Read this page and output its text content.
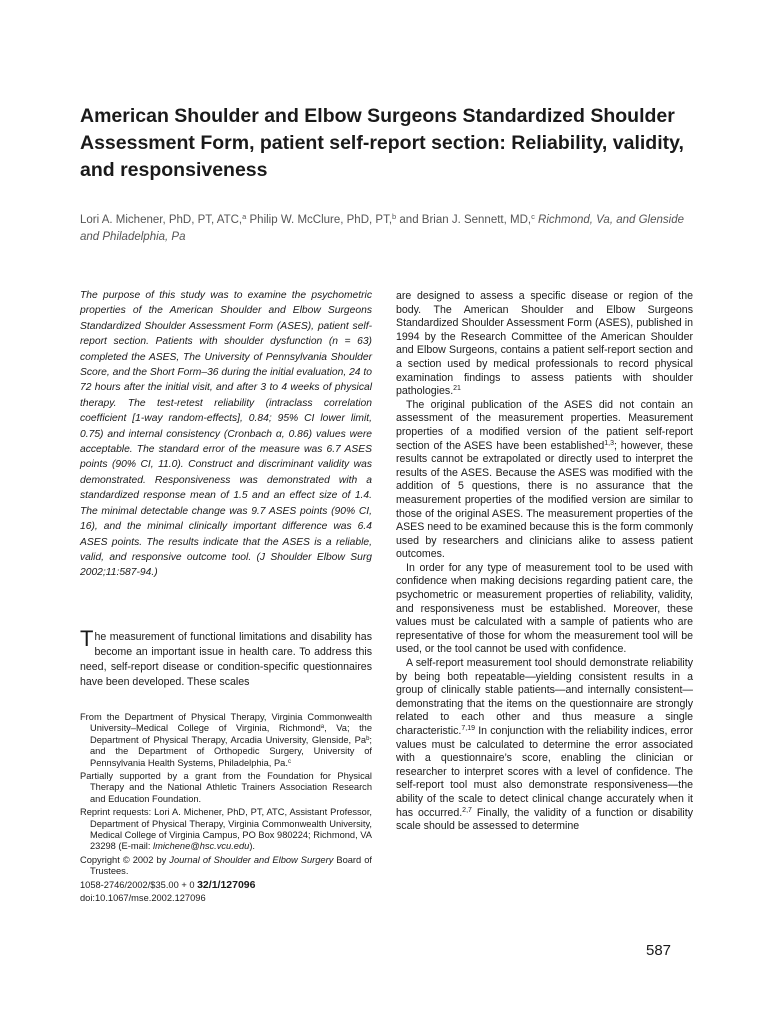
American Shoulder and Elbow Surgeons Standardized Shoulder Assessment Form, patient self-report section: Reliability, validity, and responsiveness

Lori A. Michener, PhD, PT, ATC,$^a$ Philip W. McClure, PhD, PT,$^b$ and Brian J. Sennett, MD,$^c$ Richmond, Va, and Glenside and Philadelphia, Pa

The purpose of this study was to examine the psychometric properties of the American Shoulder and Elbow Surgeons Standardized Shoulder Assessment Form (ASES), patient self-report section. Patients with shoulder dysfunction (n = 63) completed the ASES, The University of Pennsylvania Shoulder Score, and the Short Form–36 during the initial evaluation, 24 to 72 hours after the initial visit, and after 3 to 4 weeks of physical therapy. The test-retest reliability (intraclass correlation coefficient [1-way random-effects], 0.84; 95% CI lower limit, 0.75) and internal consistency (Cronbach α, 0.86) values were acceptable. The standard error of the measure was 6.7 ASES points (90% CI, 11.0). Construct and discriminant validity was demonstrated. Responsiveness was demonstrated with a standardized response mean of 1.5 and an effect size of 1.4. The minimal detectable change was 9.7 ASES points (90% CI, 16), and the minimal clinically important difference was 6.4 ASES points. The results indicate that the ASES is a reliable, valid, and responsive outcome tool. (J Shoulder Elbow Surg 2002;11:587-94.)

The measurement of functional limitations and disability has become an important issue in health care. To address this need, self-report disease or condition-specific questionnaires have been developed. These scales

From the Department of Physical Therapy, Virginia Commonwealth University–Medical College of Virginia, Richmond$^a$, Va; the Department of Physical Therapy, Arcadia University, Glenside, Pa$^b$; and the Department of Orthopedic Surgery, University of Pennsylvania Health Systems, Philadelphia, Pa.$^c$

Partially supported by a grant from the Foundation for Physical Therapy and the National Athletic Trainers Association Research and Education Foundation.

Reprint requests: Lori A. Michener, PhD, PT, ATC, Assistant Professor, Department of Physical Therapy, Virginia Commonwealth University, Medical College of Virginia Campus, PO Box 980224; Richmond, VA 23298 (E-mail: lmichene@hsc.vcu.edu).

Copyright © 2002 by Journal of Shoulder and Elbow Surgery Board of Trustees.

1058-2746/2002/$35.00 + 0 32/1/127096

doi:10.1067/mse.2002.127096

are designed to assess a specific disease or region of the body. The American Shoulder and Elbow Surgeons Standardized Shoulder Assessment Form (ASES), published in 1994 by the Research Committee of the American Shoulder and Elbow Surgeons, contains a patient self-report section and a section used by medical professionals to record physical examination findings to assess patients with shoulder pathologies.$^{21}$

The original publication of the ASES did not contain an assessment of the measurement properties. Measurement properties of a modified version of the patient self-report section of the ASES have been established$^{1,3}$; however, these results cannot be extrapolated or directly used to interpret the results of the ASES. Because the ASES was modified with the addition of 5 questions, there is no assurance that the measurement properties of the modified version are similar to those of the original ASES. The measurement properties of the ASES need to be examined because this is the form commonly used by researchers and clinicians alike to assess patient outcomes.

In order for any type of measurement tool to be used with confidence when making decisions regarding patient care, the psychometric or measurement properties of reliability, validity, and responsiveness must be established. Moreover, these values must be calculated with a sample of patients who are representative of those for whom the measurement tool will be used, or the tool cannot be used with confidence.

A self-report measurement tool should demonstrate reliability by being both repeatable—yielding consistent results in a group of clinically stable patients—and internally consistent—demonstrating that the items on the questionnaire are strongly related to each other and thus measure a single characteristic.$^{7,19}$ In conjunction with the reliability indices, error values must be calculated to determine the error associated with a questionnaire’s score, enabling the clinician or researcher to interpret scores with a level of confidence. The self-report tool must also demonstrate responsiveness—the ability of the scale to detect clinical change accurately when it has occurred.$^{2,7}$ Finally, the validity of a function or disability scale should be assessed to determine

587
